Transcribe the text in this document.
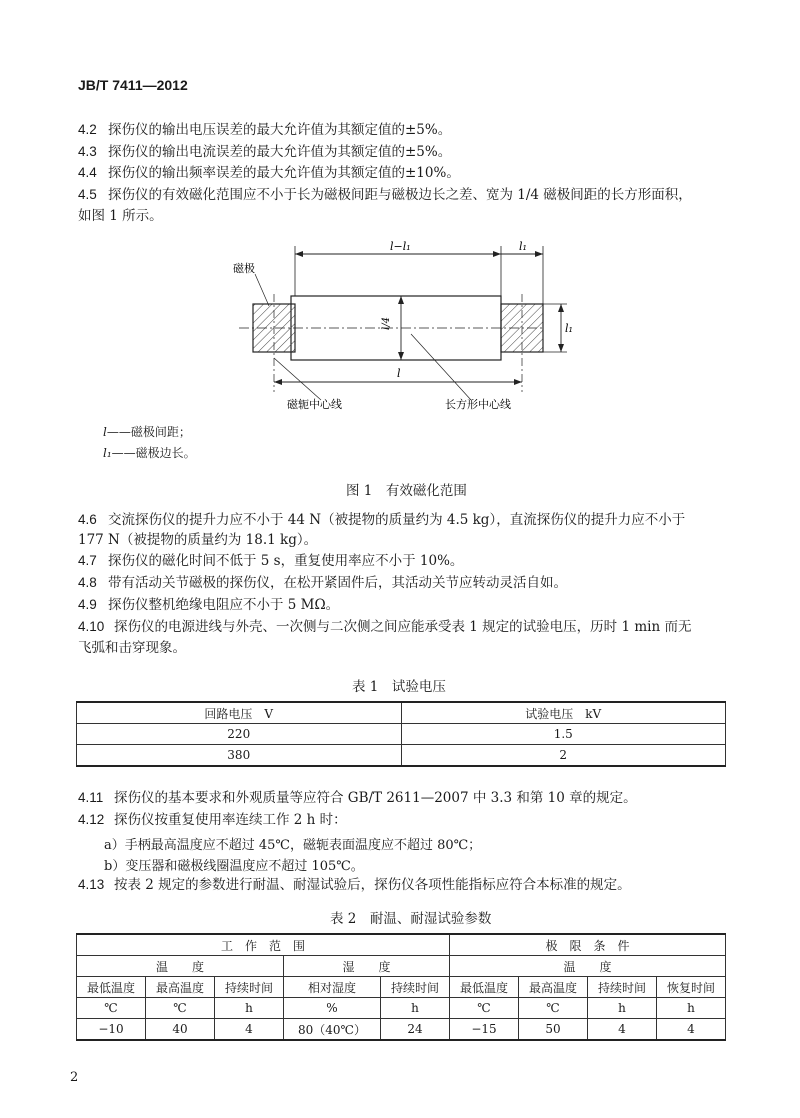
JB/T 7411—2012
4.2 探伤仪的输出电压误差的最大允许值为其额定值的±5%。
4.3 探伤仪的输出电流误差的最大允许值为其额定值的±5%。
4.4 探伤仪的输出频率误差的最大允许值为其额定值的±10%。
4.5 探伤仪的有效磁化范围应不小于长为磁极间距与磁极边长之差、宽为 1/4 磁极间距的长方形面积，
如图 1 所示。
l−l₁	l₁
l₁
l/4
l
磁极
磁轭中心线	长方形中心线
l——磁极间距；
l₁——磁极边长。
图 1　有效磁化范围
4.6 交流探伤仪的提升力应不小于 44 N（被提物的质量约为 4.5 kg），直流探伤仪的提升力应不小于
177 N（被提物的质量约为 18.1 kg）。
4.7 探伤仪的磁化时间不低于 5 s，重复使用率应不小于 10%。
4.8 带有活动关节磁极的探伤仪，在松开紧固件后，其活动关节应转动灵活自如。
4.9 探伤仪整机绝缘电阻应不小于 5 MΩ。
4.10 探伤仪的电源进线与外壳、一次侧与二次侧之间应能承受表 1 规定的试验电压，历时 1 min 而无
飞弧和击穿现象。
表 1　试验电压
回路电压　V	试验电压　kV
220	1.5
380	2
4.11 探伤仪的基本要求和外观质量等应符合 GB/T 2611—2007 中 3.3 和第 10 章的规定。
4.12 探伤仪按重复使用率连续工作 2 h 时：
a）手柄最高温度应不超过 45℃，磁轭表面温度应不超过 80℃；
b）变压器和磁极线圈温度应不超过 105℃。
4.13 按表 2 规定的参数进行耐温、耐湿试验后，探伤仪各项性能指标应符合本标准的规定。
表 2　耐温、耐湿试验参数
工　作　范　围					极　限　条　件			
温　　度			湿　　度		温　　度			
最低温度	最高温度	持续时间	相对湿度	持续时间	最低温度	最高温度	持续时间	恢复时间
℃	℃	h	%	h	℃	℃	h	h
−10	40	4	80（40℃）	24	−15	50	4	4
2
